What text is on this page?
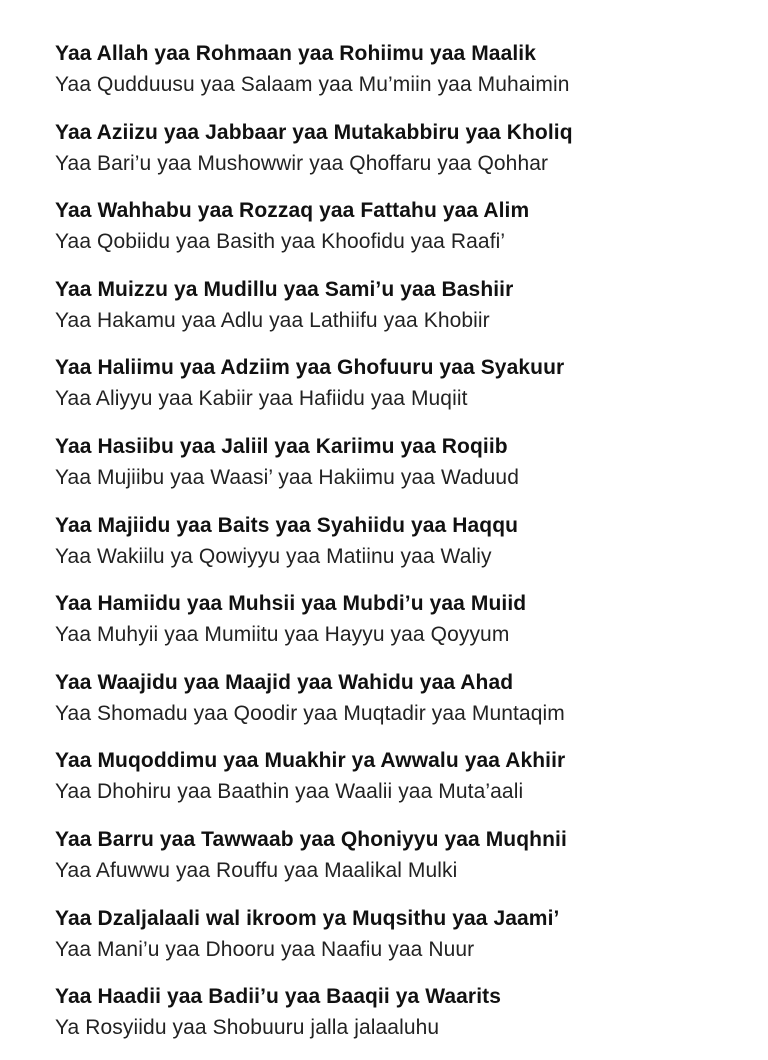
Yaa Allah yaa Rohmaan yaa Rohiimu yaa Maalik
Yaa Qudduusu yaa Salaam yaa Mu’miin yaa Muhaimin
Yaa Aziizu yaa Jabbaar yaa Mutakabbiru yaa Kholiq
Yaa Bari’u yaa Mushowwir yaa Qhoffaru yaa Qohhar
Yaa Wahhabu yaa Rozzaq yaa Fattahu yaa Alim
Yaa Qobiidu yaa Basith yaa Khoofidu yaa Raafi’
Yaa Muizzu ya Mudillu yaa Sami’u yaa Bashiir
Yaa Hakamu yaa Adlu yaa Lathiifu yaa Khobiir
Yaa Haliimu yaa Adziim yaa Ghofuuru yaa Syakuur
Yaa Aliyyu yaa Kabiir yaa Hafiidu yaa Muqiit
Yaa Hasiibu yaa Jaliil yaa Kariimu yaa Roqiib
Yaa Mujiibu yaa Waasi’ yaa Hakiimu yaa Waduud
Yaa Majiidu yaa Baits yaa Syahiidu yaa Haqqu
Yaa Wakiilu ya Qowiyyu yaa Matiinu yaa Waliy
Yaa Hamiidu yaa Muhsii yaa Mubdi’u yaa Muiid
Yaa Muhyii yaa Mumiitu yaa Hayyu yaa Qoyyum
Yaa Waajidu yaa Maajid yaa Wahidu yaa Ahad
Yaa Shomadu yaa Qoodir yaa Muqtadir yaa Muntaqim
Yaa Muqoddimu yaa Muakhir ya Awwalu yaa Akhiir
Yaa Dhohiru yaa Baathin yaa Waalii yaa Muta’aali
Yaa Barru yaa Tawwaab yaa Qhoniyyu yaa Muqhnii
Yaa Afuwwu yaa Rouffu yaa Maalikal Mulki
Yaa Dzaljalaali wal ikroom ya Muqsithu yaa Jaami’
Yaa Mani’u yaa Dhooru yaa Naafiu yaa Nuur
Yaa Haadii yaa Badii’u yaa Baaqii ya Waarits
Ya Rosyiidu yaa Shobuuru jalla jalaaluhu
